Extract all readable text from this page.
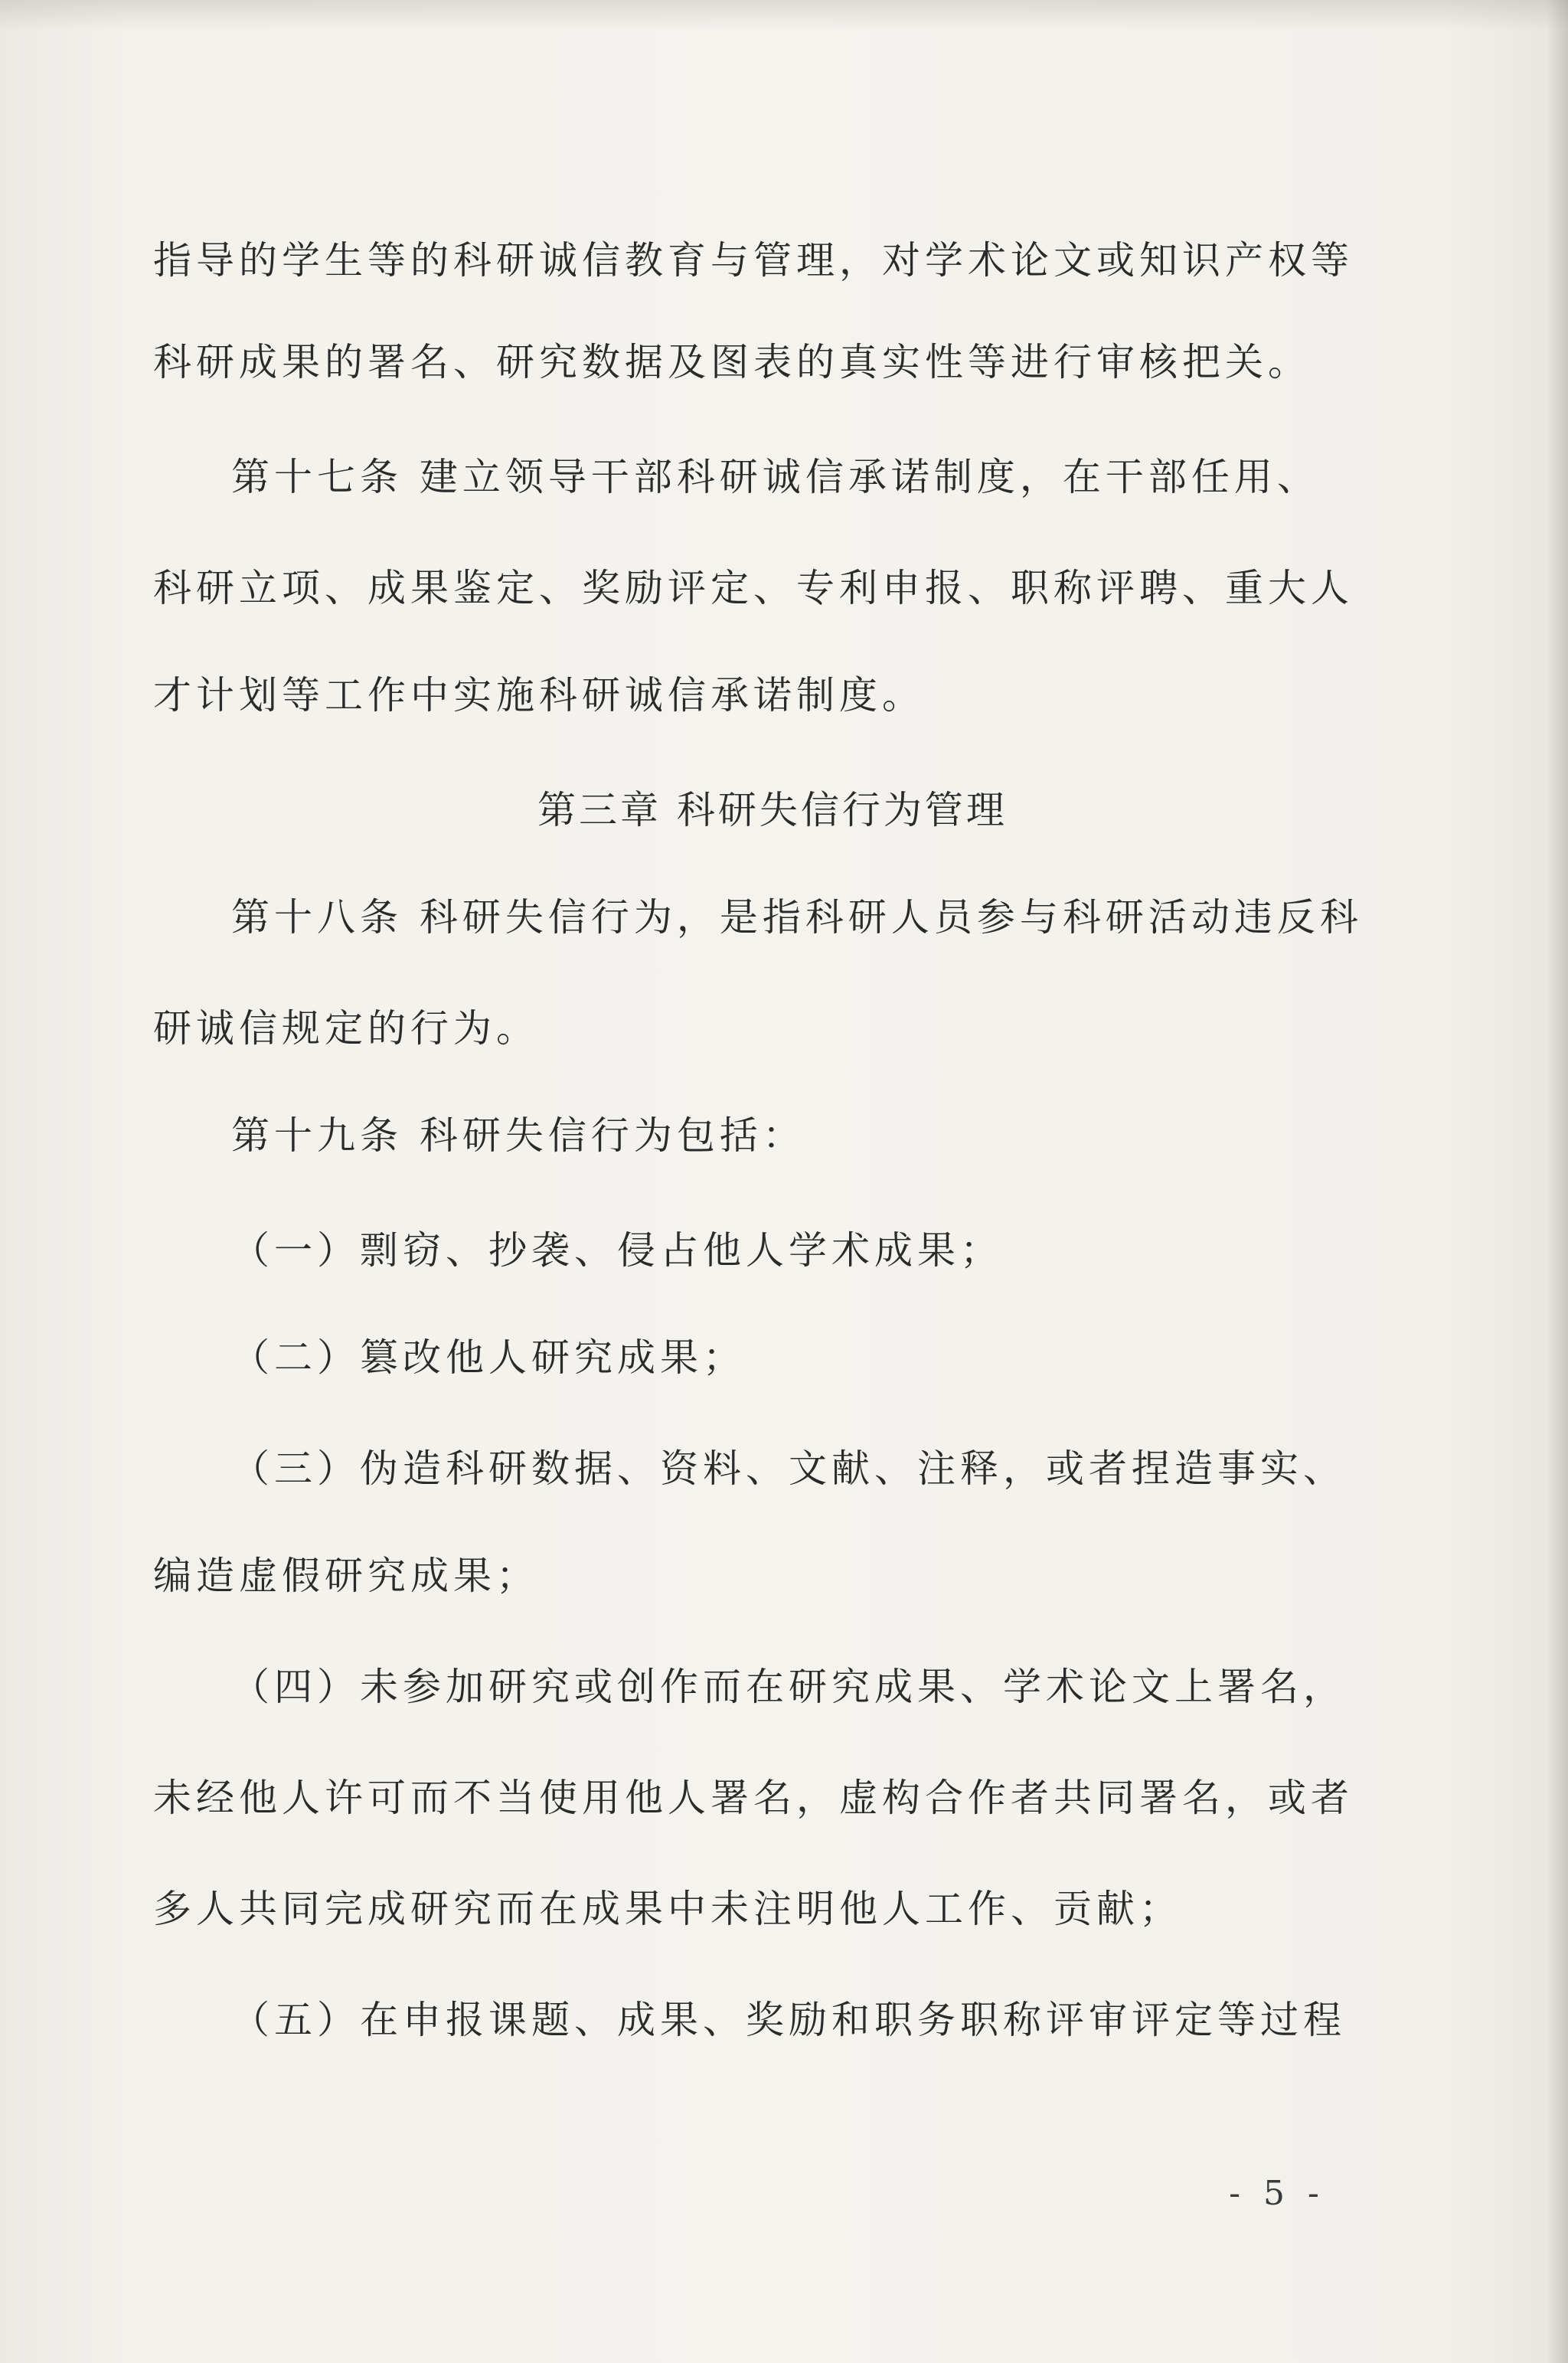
指导的学生等的科研诚信教育与管理，对学术论文或知识产权等
科研成果的署名、研究数据及图表的真实性等进行审核把关。
第十七条 建立领导干部科研诚信承诺制度，在干部任用、
科研立项、成果鉴定、奖励评定、专利申报、职称评聘、重大人
才计划等工作中实施科研诚信承诺制度。
第三章 科研失信行为管理
第十八条 科研失信行为，是指科研人员参与科研活动违反科
研诚信规定的行为。
第十九条 科研失信行为包括：
（一）剽窃、抄袭、侵占他人学术成果；
（二）篡改他人研究成果；
（三）伪造科研数据、资料、文献、注释，或者捏造事实、
编造虚假研究成果；
（四）未参加研究或创作而在研究成果、学术论文上署名，
未经他人许可而不当使用他人署名，虚构合作者共同署名，或者
多人共同完成研究而在成果中未注明他人工作、贡献；
（五）在申报课题、成果、奖励和职务职称评审评定等过程
- 5 -
